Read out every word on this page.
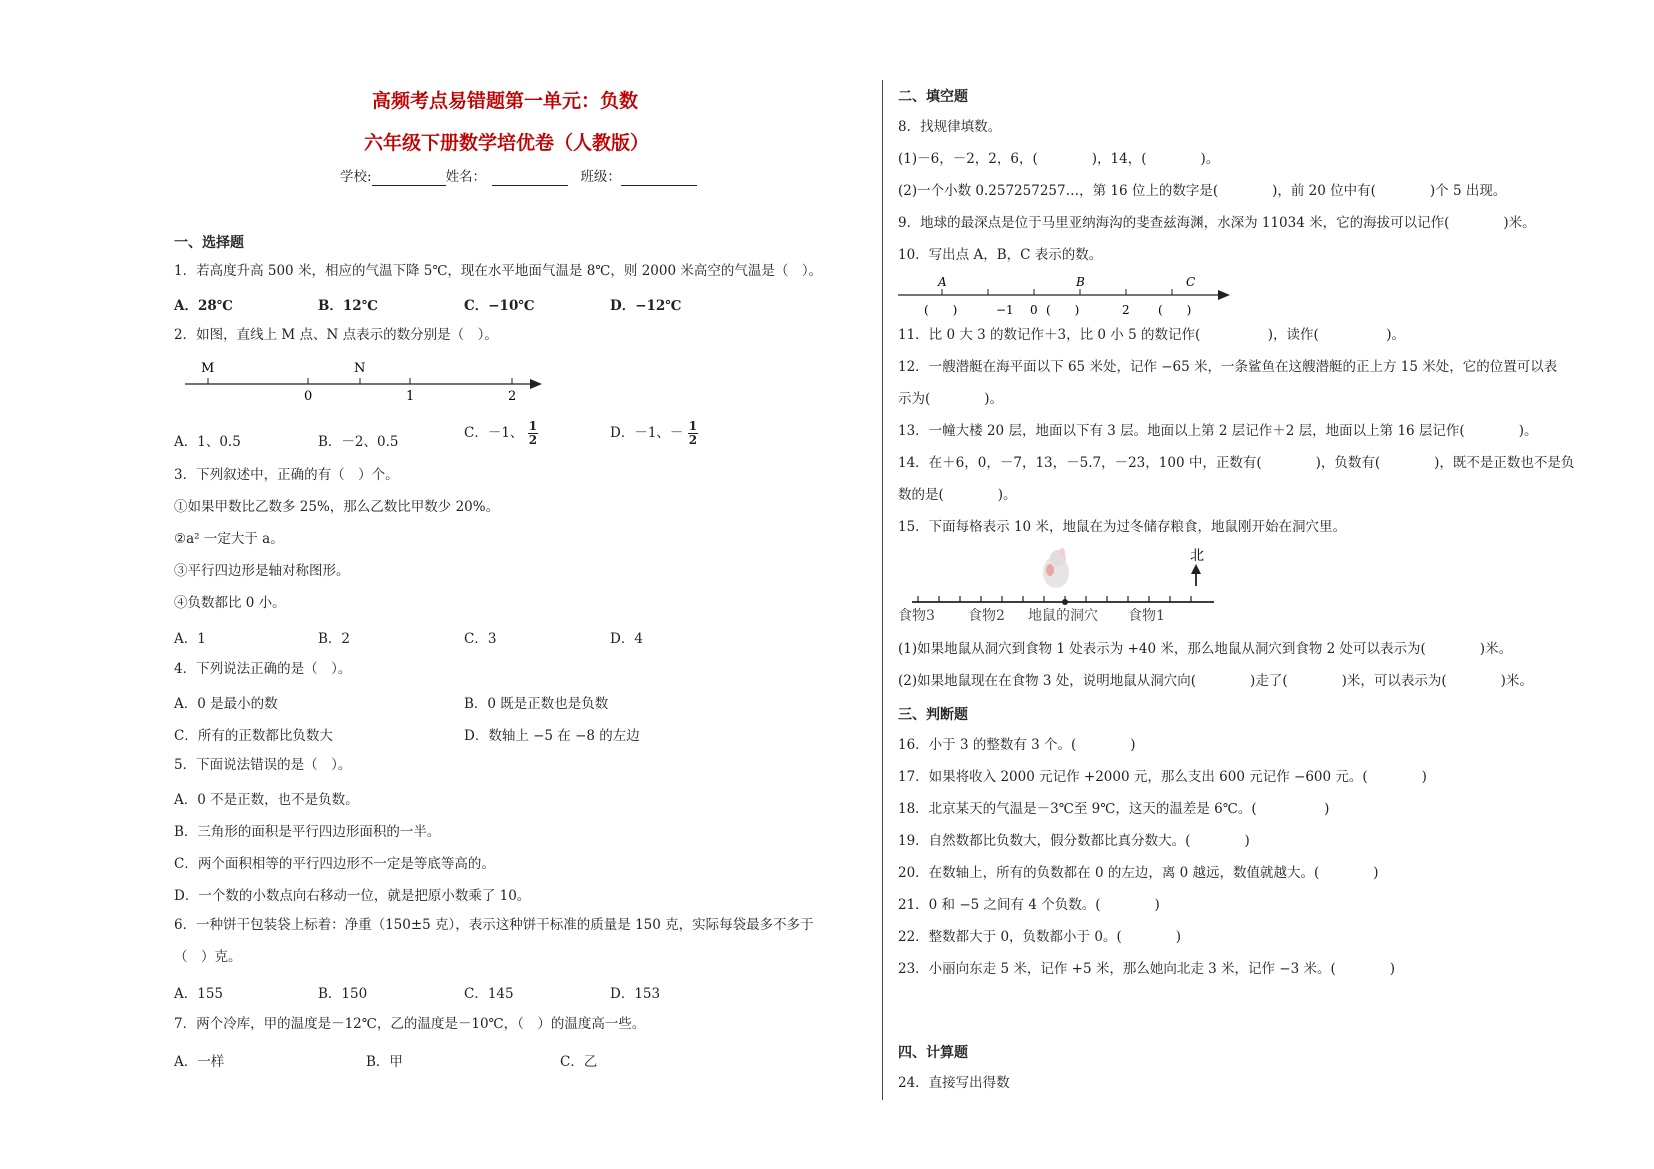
高频考点易错题第一单元：负数
六年级下册数学培优卷（人教版）
学校:	姓名：	班级：
一、选择题
1．若高度升高 500 米，相应的气温下降 5℃，现在水平地面气温是 8℃，则 2000 米高空的气温是（　）。
A．28℃	B．12℃	C．−10℃	D．−12℃
2．如图，直线上 M 点、N 点表示的数分别是（　）。
M	N
0	1	2
A．1、0.5	B．－2、0.5
C．－1、 $\frac{1}{2}$	D．－1、－ $\frac{1}{2}$
3．下列叙述中，正确的有（　）个。
①如果甲数比乙数多 25%，那么乙数比甲数少 20%。
②a² 一定大于 a。
③平行四边形是轴对称图形。
④负数都比 0 小。
A．1	B．2	C．3	D．4
4．下列说法正确的是（　）。
A．0 是最小的数	B．0 既是正数也是负数
C．所有的正数都比负数大	D．数轴上 −5 在 −8 的左边
5．下面说法错误的是（　）。
A．0 不是正数，也不是负数。
B．三角形的面积是平行四边形面积的一半。
C．两个面积相等的平行四边形不一定是等底等高的。
D．一个数的小数点向右移动一位，就是把原小数乘了 10。
6．一种饼干包装袋上标着：净重（150±5 克），表示这种饼干标准的质量是 150 克，实际每袋最多不多于
（　）克。
A．155	B．150	C．145	D．153
7．两个冷库，甲的温度是－12℃，乙的温度是－10℃，（　）的温度高一些。
A．一样	B．甲	C．乙
二、填空题
8．找规律填数。
(1)－6，－2，2，6，(　　　　)，14，(　　　　)。
(2)一个小数 0.257257257…，第 16 位上的数字是(　　　　)，前 20 位中有(　　　　)个 5 出现。
9．地球的最深点是位于马里亚纳海沟的斐查兹海渊，水深为 11034 米，它的海拔可以记作(　　　　)米。
10．写出点 A，B，C 表示的数。
A	B	C
(　　)	−1 0 (　　)	2 (　　)
11．比 0 大 3 的数记作＋3，比 0 小 5 的数记作(　　　　　)，读作(　　　　　)。
12．一艘潜艇在海平面以下 65 米处，记作 −65 米，一条鲨鱼在这艘潜艇的正上方 15 米处，它的位置可以表
示为(　　　　)。
13．一幢大楼 20 层，地面以下有 3 层。地面以上第 2 层记作＋2 层，地面以上第 16 层记作(　　　　)。
14．在＋6，0，－7，13，－5.7，－23，100 中，正数有(　　　　)，负数有(　　　　)，既不是正数也不是负
数的是(　　　　)。
15．下面每格表示 10 米，地鼠在为过冬储存粮食，地鼠刚开始在洞穴里。
北
食物3 食物2 地鼠的洞穴 食物1
(1)如果地鼠从洞穴到食物 1 处表示为 +40 米，那么地鼠从洞穴到食物 2 处可以表示为(　　　　)米。
(2)如果地鼠现在在食物 3 处，说明地鼠从洞穴向(　　　　)走了(　　　　)米，可以表示为(　　　　)米。
三、判断题
16．小于 3 的整数有 3 个。(　　　　)
17．如果将收入 2000 元记作 +2000 元，那么支出 600 元记作 −600 元。(　　　　)
18．北京某天的气温是－3℃至 9℃，这天的温差是 6℃。(　　　　　)
19．自然数都比负数大，假分数都比真分数大。(　　　　)
20．在数轴上，所有的负数都在 0 的左边，离 0 越远，数值就越大。(　　　　)
21．0 和 −5 之间有 4 个负数。(　　　　)
22．整数都大于 0，负数都小于 0。(　　　　)
23．小丽向东走 5 米，记作 +5 米，那么她向北走 3 米，记作 −3 米。(　　　　)
四、计算题
24．直接写出得数
